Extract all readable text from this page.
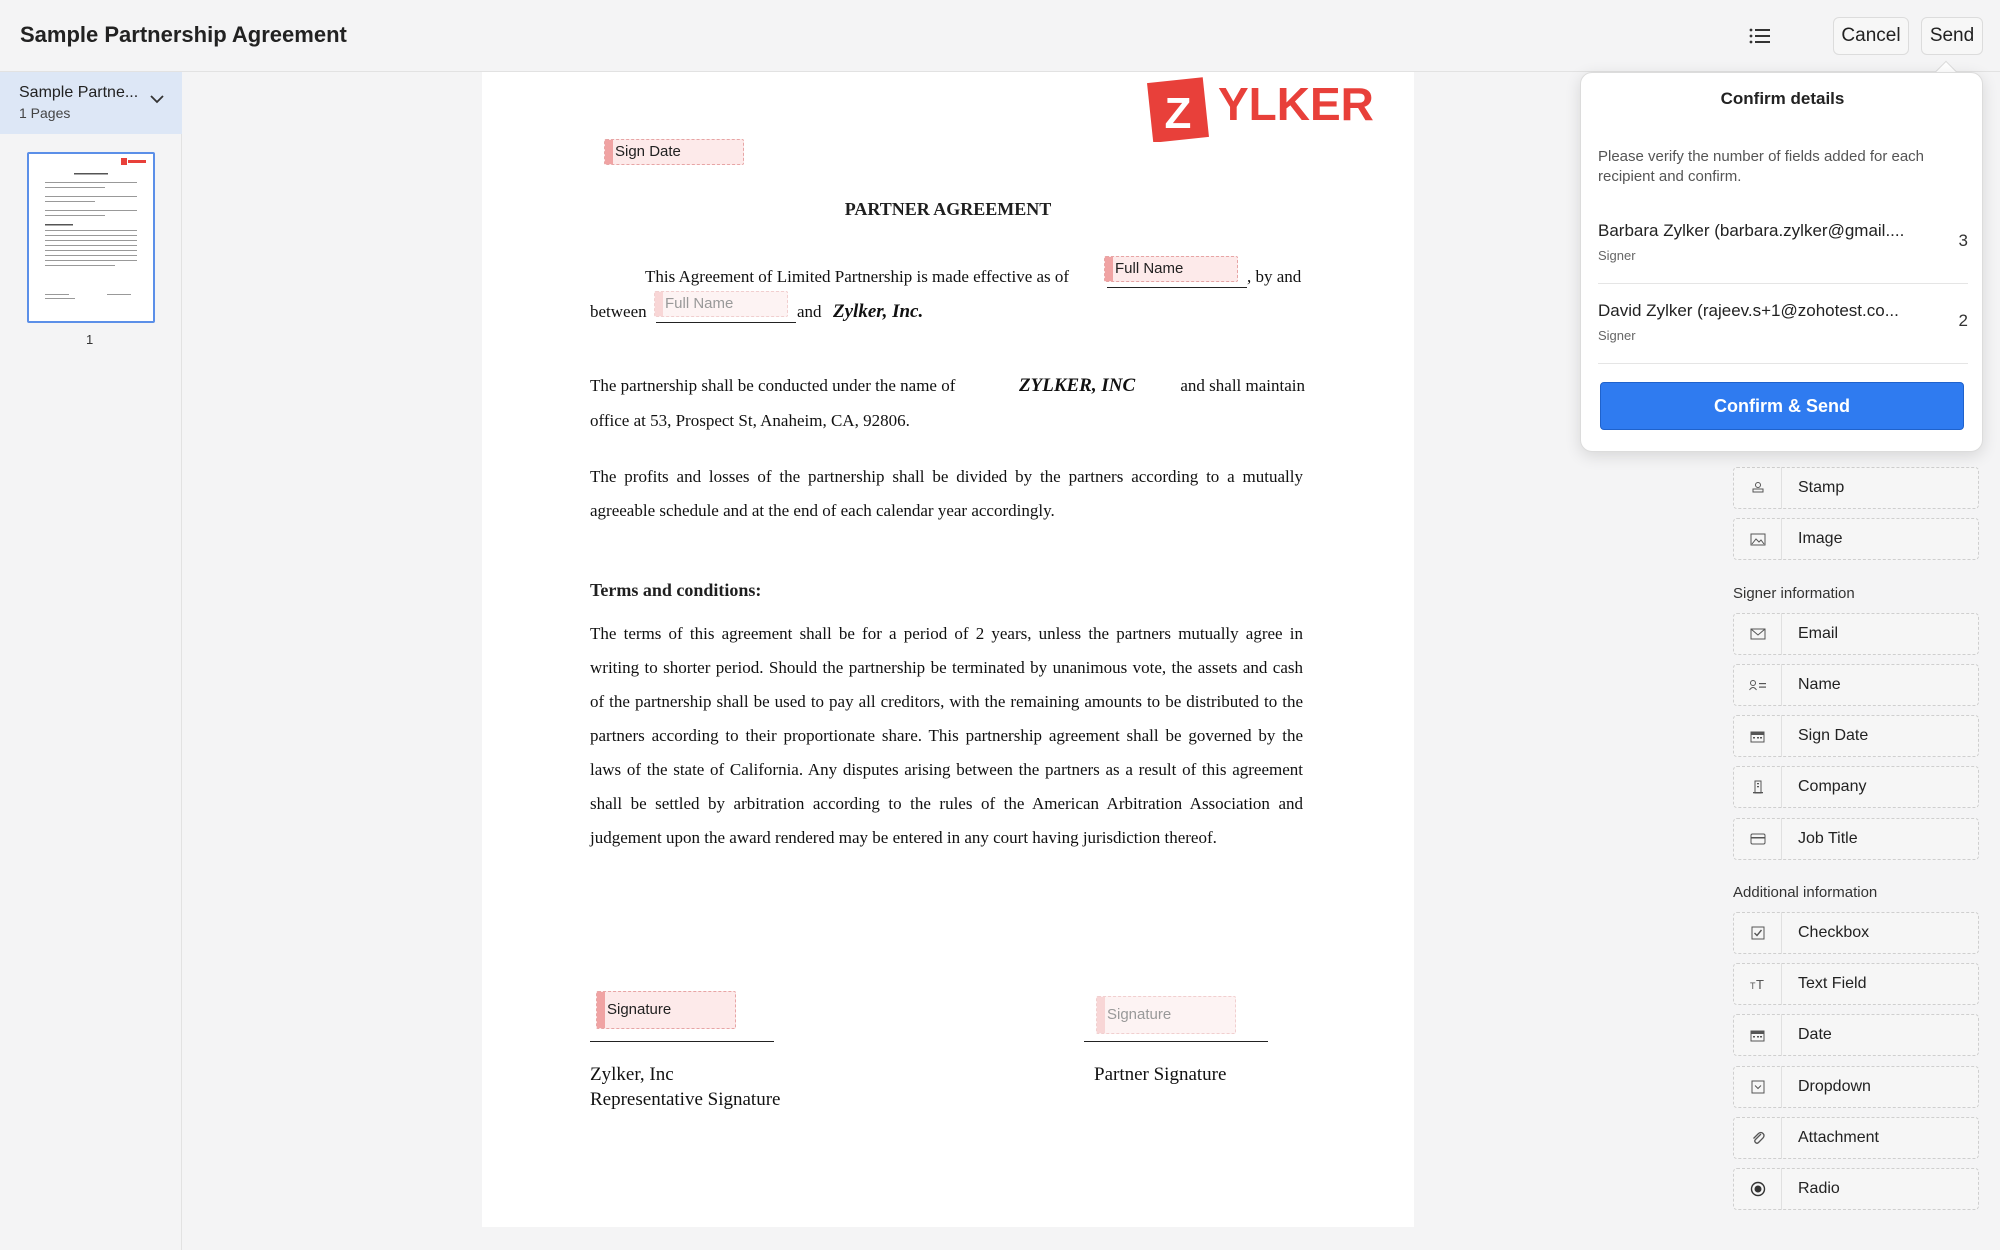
Sample Partnership Agreement	Cancel	Send
Sample Partne...
1 Pages
1
Z YLKER
Sign Date
PARTNER AGREEMENT
This Agreement of Limited Partnership is made effective as of	Full Name	, by and
between	Full Name	and Zylker, Inc.
The partnership shall be conducted under the name of	ZYLKER, INC	and shall maintain
office at 53, Prospect St, Anaheim, CA, 92806.
The profits and losses of the partnership shall be divided by the partners according to a mutually agreeable schedule and at the end of each calendar year accordingly.
Terms and conditions:
The terms of this agreement shall be for a period of 2 years, unless the partners mutually agree in writing to shorter period. Should the partnership be terminated by unanimous vote, the assets and cash of the partnership shall be used to pay all creditors, with the remaining amounts to be distributed to the partners according to their proportionate share. This partnership agreement shall be governed by the laws of the state of California. Any disputes arising between the partners as a result of this agreement shall be settled by arbitration according to the rules of the American Arbitration Association and judgement upon the award rendered may be entered in any court having jurisdiction thereof.
Signature
Zylker, Inc
Representative Signature
Signature
Partner Signature
Stamp
Image
Signer information
Email
Name
Sign Date
Company
Job Title
Additional information
Checkbox
T T	Text Field
Date
Dropdown
Attachment
Radio
Confirm details
Please verify the number of fields added for each recipient and confirm.
Barbara Zylker (barbara.zylker@gmail....
Signer
3
David Zylker (rajeev.s+1@zohotest.co...
Signer
2
Confirm & Send
